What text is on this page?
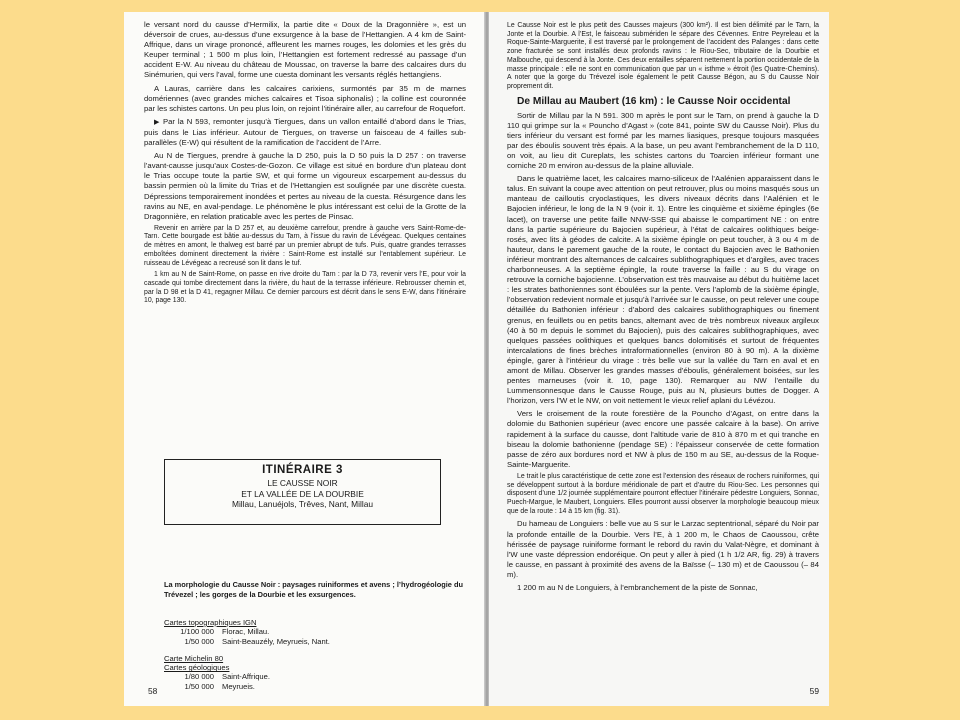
le versant nord du causse d’Hermilix, la partie dite « Doux de la Dragonnière », est un déversoir de crues, au-dessus d’une exsurgence à la base de l’Hettangien. A 4 km de Saint-Affrique, dans un virage prononcé, affleurent les marnes rouges, les dolomies et les grès du Keuper terminal ; 1 500 m plus loin, l’Hettangien est fortement redressé au passage d’un accident E-W. Au niveau du château de Moussac, on traverse la barre des calcaires durs du Sinémurien, qui vers l’aval, forme une cuesta dominant les versants réglés hettangiens.

A Lauras, carrière dans les calcaires carixiens, surmontés par 35 m de marnes domériennes (avec grandes miches calcaires et Tisoa siphonalis) ; la colline est couronnée par les schistes cartons. Un peu plus loin, on rejoint l’itinéraire aller, au carrefour de Roquefort.

▶ Par la N 593, remonter jusqu’à Tiergues, dans un vallon entaillé d’abord dans le Trias, puis dans le Lias inférieur. Autour de Tiergues, on traverse un faisceau de 4 failles sub-parallèles (E-W) qui résultent de la ramification de l’accident de l’Arre.

Au N de Tiergues, prendre à gauche la D 250, puis la D 50 puis la D 257 : on traverse l’avant-causse jusqu’aux Costes-de-Gozon. Ce village est situé en bordure d’un plateau dont le Trias occupe toute la partie SW, et qui forme un vigoureux escarpement au-dessus du bassin permien où la limite du Trias et de l’Hettangien est soulignée par une discrète cuesta. Dépressions temporairement inondées et pertes au niveau de la cuesta. Résurgence dans les ravins au NE, en aval-pendage. Le phénomène le plus intéressant est celui de la Grotte de la Dragonnière, en relation praticable avec les pertes de Pinsac.

Revenir en arrière par la D 257 et, au deuxième carrefour, prendre à gauche vers Saint-Rome-de-Tarn. Cette bourgade est bâtie au-dessus du Tarn, à l’issue du ravin de Lévégeac. Quelques centaines de mètres en amont, le thalweg est barré par un premier abrupt de tufs. Puis, quatre grandes terrasses emboîtées dominent directement la rivière : Saint-Rome est installé sur l’entablement supérieur. Le ruisseau de Lévégeac a recreusé son lit dans le tuf.

1 km au N de Saint-Rome, on passe en rive droite du Tarn : par la D 73, revenir vers l’E, pour voir la cascade qui tombe directement dans la rivière, du haut de la terrasse inférieure. Rebrousser chemin et, par la D 98 et la D 41, regagner Millau. Ce dernier parcours est décrit dans le sens E-W, dans l’itinéraire 10, page 130.

ITINÉRAIRE 3
LE CAUSSE NOIR
ET LA VALLÉE DE LA DOURBIE
Millau, Lanuéjols, Trêves, Nant, Millau
La morphologie du Causse Noir : paysages ruiniformes et avens ; l’hydrogéologie du Trévezel ; les gorges de la Dourbie et les exsurgences.
Cartes topographiques IGN
1/100 000	Florac, Millau.
1/50 000	Saint-Beauzély, Meyrueis, Nant.
Carte Michelin 80
Cartes géologiques
1/80 000	Saint-Affrique.
1/50 000	Meyrueis.
58

Le Causse Noir est le plus petit des Causses majeurs (300 km²). Il est bien délimité par le Tarn, la Jonte et la Dourbie. A l’Est, le faisceau submériden le sépare des Cévennes. Entre Peyreleau et la Roque-Sainte-Marguerite, il est traversé par le prolongement de l’accident des Palanges : dans cette zone fracturée se sont installés deux profonds ravins : le Riou-Sec, tributaire de la Dourbie et Malbouche, qui descend à la Jonte. Ces deux entailles séparent nettement la portion occidentale de la masse principale : elle ne sont en communication que par un « isthme » étroit (les Quatre-Chemins). A noter que la gorge du Trévezel isole également le petit Causse Bégon, au S du Causse Noir proprement dit.

De Millau au Maubert (16 km) : le Causse Noir occidental

Sortir de Millau par la N 591. 300 m après le pont sur le Tarn, on prend à gauche la D 110 qui grimpe sur la « Pouncho d’Agast » (cote 841, pointe SW du Causse Noir). Plus du tiers inférieur du versant est formé par les marnes liasiques, presque toujours masquées par des éboulis souvent très épais. A la base, un peu avant l’embranchement de la D 110, on voit, au lieu dit Cureplats, les schistes cartons du Toarcien inférieur formant une corniche 20 m environ au-dessus de la plaine alluviale.

Dans le quatrième lacet, les calcaires marno-siliceux de l’Aalénien apparaissent dans le talus. En suivant la coupe avec attention on peut retrouver, plus ou moins masqués sous un manteau de cailloutis cryoclastiques, les divers niveaux décrits dans l’Aalénien et le Bajocien inférieur, le long de la N 9 (voir it. 1). Entre les cinquième et sixième épingles (6e lacet), on traverse une petite faille NNW-SSE qui abaisse le compartiment NE : on entre dans la partie supérieure du Bajocien supérieur, à l’état de calcaires oolithiques beige-rosés, avec lits à géodes de calcite. A la sixième épingle on peut toucher, à 3 ou 4 m de hauteur, dans le parement gauche de la route, le contact du Bajocien avec le Bathonien inférieur montrant des alternances de calcaires sublithographiques et d’argiles, avec traces charbonneuses. A la septième épingle, la route traverse la faille : au S du virage on retrouve la corniche bajocienne. L’observation est très mauvaise au début du huitième lacet : les strates bathoniennes sont éboulées sur la pente. Vers l’aplomb de la sixième épingle, l’observation redevient normale et jusqu’à l’arrivée sur le causse, on peut relever une coupe détaillée du Bathonien inférieur : d’abord des calcaires sublithographiques ou finement grenus, en feuillets ou en petits bancs, alternant avec de très nombreux niveaux argileux (40 à 50 m depuis le sommet du Bajocien), puis des calcaires sublithographiques, avec quelques passées oolithiques et quelques bancs dolomitisés et surtout de fréquentes intercalations de fines brèches intraformationnelles (environ 80 à 90 m). A la dixième épingle, garer à l’intérieur du virage : très belle vue sur la vallée du Tarn en aval et en amont de Millau. Observer les grandes masses d’éboulis, généralement boisées, sur les pentes marneuses (voir it. 10, page 130). Remarquer au NW l’entaille du Lummensonnesque dans le Causse Rouge, puis au N, plusieurs buttes de Dogger. A l’horizon, vers l’W et le NW, on voit nettement le vieux relief aplani du Lévézou.

Vers le croisement de la route forestière de la Pouncho d’Agast, on entre dans la dolomie du Bathonien supérieur (avec encore une passée calcaire à la base). On arrive rapidement à la surface du causse, dont l’altitude varie de 810 à 870 m et qui tranche en biseau la dolomie bathonienne (pendage SE) : l’épaisseur conservée de cette formation passe de zéro aux bordures nord et NW à plus de 150 m au SE, au-dessus de la Roque-Sainte-Marguerite.

Le trait le plus caractéristique de cette zone est l’extension des réseaux de rochers ruiniformes, qui se développent surtout à la bordure méridionale de part et d’autre du Riou-Sec. Les personnes qui disposent d’une 1/2 journée supplémentaire pourront effectuer l’itinéraire pédestre Longuiers, Sonnac, Puech-Margue, le Maubert, Longuiers. Elles pourront aussi observer la morphologie beaucoup mieux que de la route : 14 à 15 km (fig. 31).

Du hameau de Longuiers : belle vue au S sur le Larzac septentrional, séparé du Noir par la profonde entaille de la Dourbie. Vers l’E, à 1 200 m, le Chaos de Caoussou, crête hérissée de paysage ruiniforme formant le rebord du ravin du Valat-Nègre, et dominant à l’W une vaste dépression endoréique. On peut y aller à pied (1 h 1/2 AR, fig. 29) à travers le causse, en passant à proximité des avens de la Baïsse (– 130 m) et de Caoussou (– 84 m).

1 200 m au N de Longuiers, à l’embranchement de la piste de Sonnac,

59
